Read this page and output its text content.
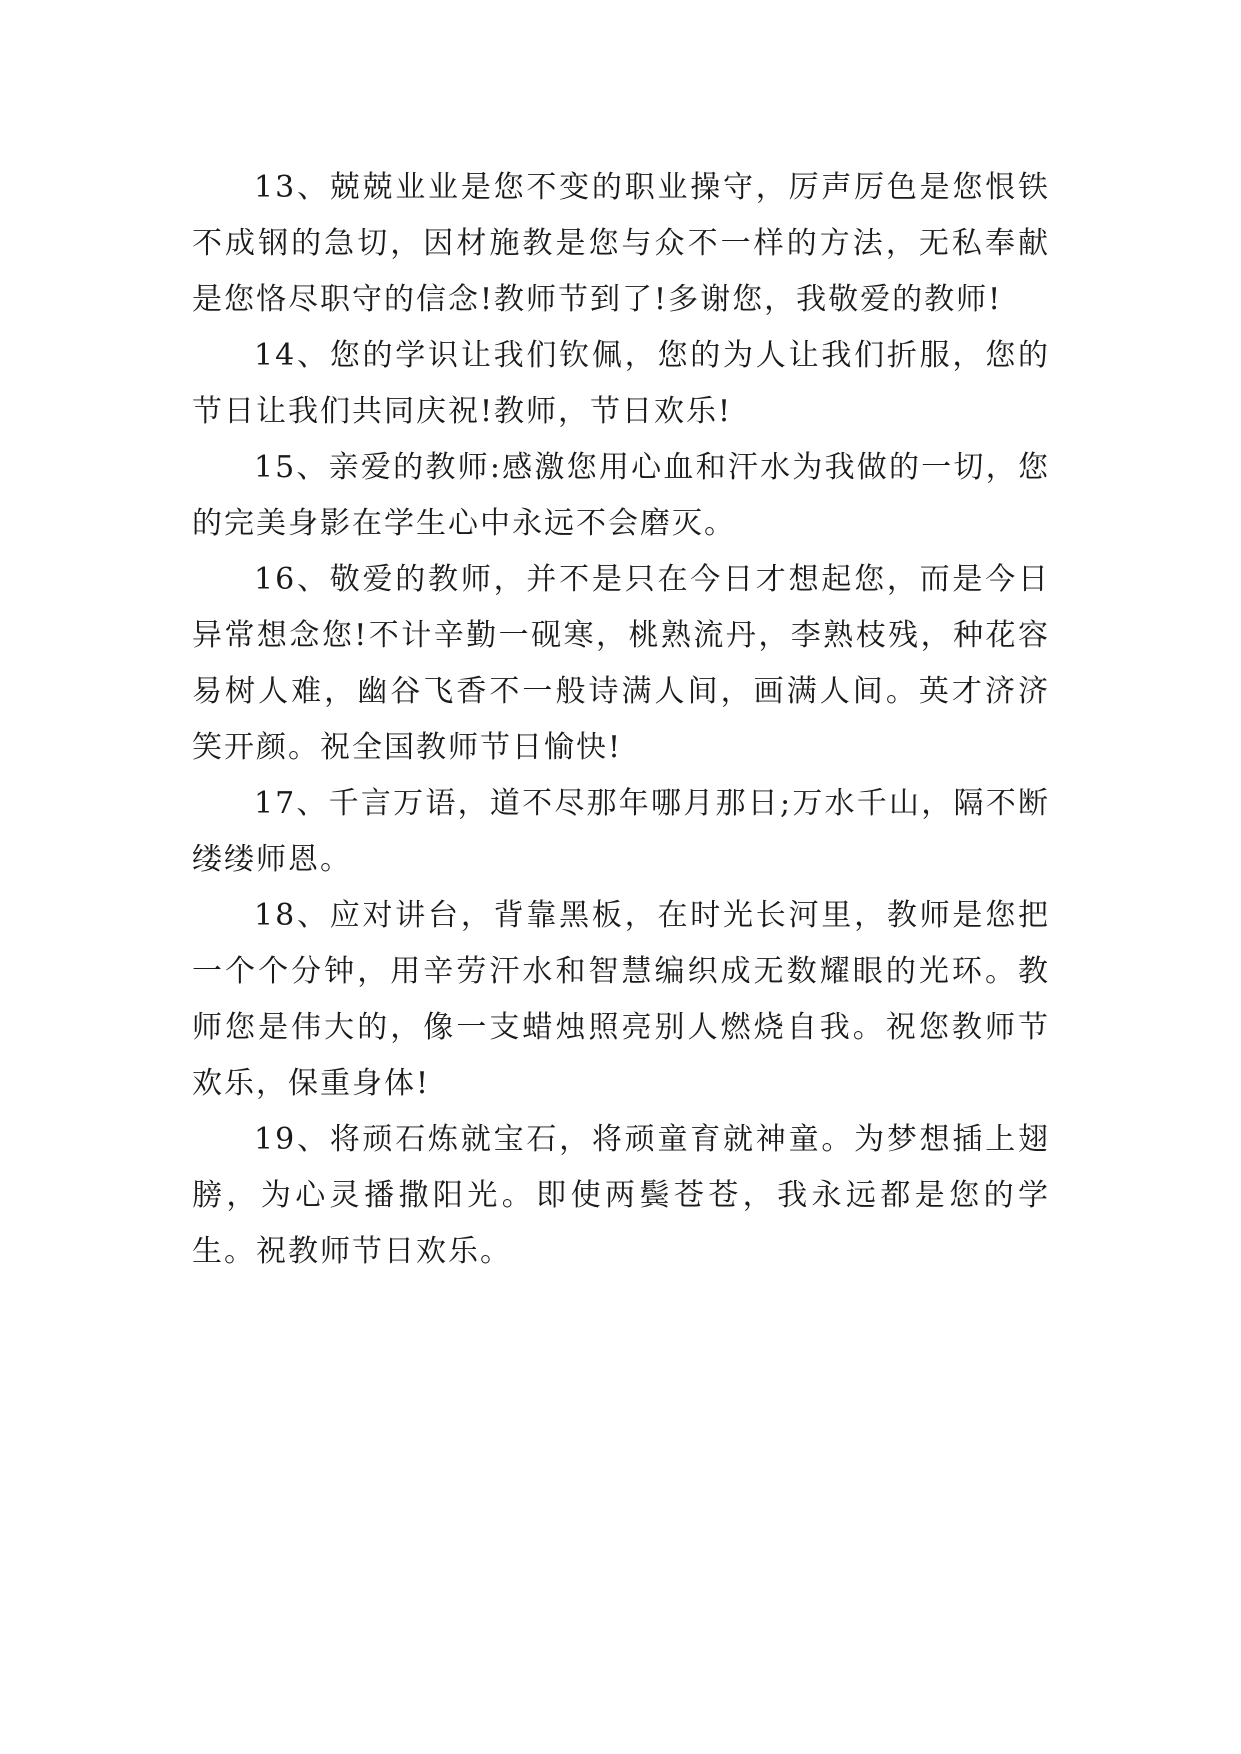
13、兢兢业业是您不变的职业操守，厉声厉色是您恨铁不成钢的急切，因材施教是您与众不一样的方法，无私奉献是您恪尽职守的信念!教师节到了!多谢您，我敬爱的教师!

14、您的学识让我们钦佩，您的为人让我们折服，您的节日让我们共同庆祝!教师，节日欢乐!

15、亲爱的教师:感激您用心血和汗水为我做的一切，您的完美身影在学生心中永远不会磨灭。

16、敬爱的教师，并不是只在今日才想起您，而是今日异常想念您!不计辛勤一砚寒，桃熟流丹，李熟枝残，种花容易树人难，幽谷飞香不一般诗满人间，画满人间。英才济济笑开颜。祝全国教师节日愉快!

17、千言万语，道不尽那年哪月那日;万水千山，隔不断缕缕师恩。

18、应对讲台，背靠黑板，在时光长河里，教师是您把一个个分钟，用辛劳汗水和智慧编织成无数耀眼的光环。教师您是伟大的，像一支蜡烛照亮别人燃烧自我。祝您教师节欢乐，保重身体!

19、将顽石炼就宝石，将顽童育就神童。为梦想插上翅膀，为心灵播撒阳光。即使两鬓苍苍，我永远都是您的学生。祝教师节日欢乐。
